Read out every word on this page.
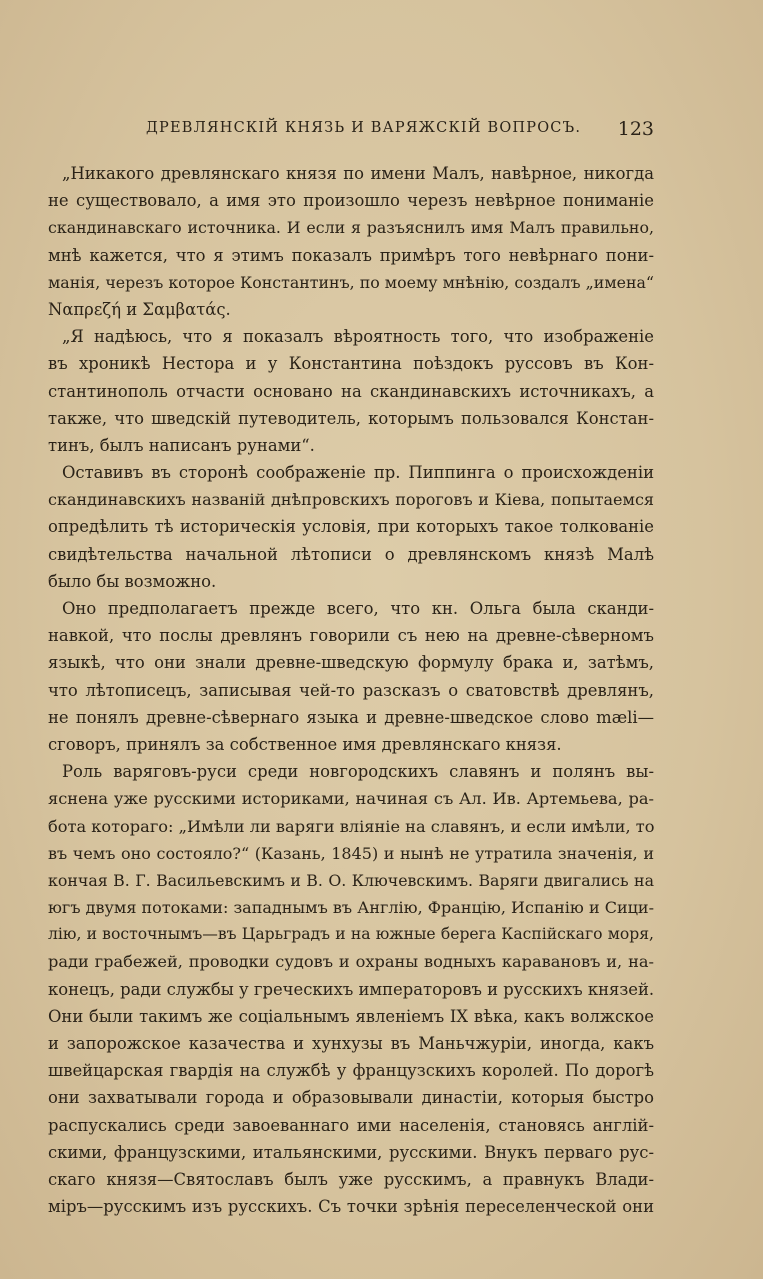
ДРЕВЛЯНСКІЙ КНЯЗЬ И ВАРЯЖСКІЙ ВОПРОСЪ. 123
„Никакого древлянскаго князя по имени Малъ, навѣрное, никогда
не существовало, а имя это произошло черезъ невѣрное пониманіе
скандинавскаго источника. И если я разъяснилъ имя Малъ правильно,
мнѣ кажется, что я этимъ показалъ примѣръ того невѣрнаго пони-
манія, черезъ которое Константинъ, по моему мнѣнію, создалъ „имена“
Ναπρεζή и Σαμβατάς.
„Я надѣюсь, что я показалъ вѣроятность того, что изображеніе
въ хроникѣ Нестора и у Константина поѣздокъ руссовъ въ Кон-
стантинополь отчасти основано на скандинавскихъ источникахъ, а
также, что шведскій путеводитель, которымъ пользовался Констан-
тинъ, былъ написанъ рунами“.
Оставивъ въ сторонѣ соображеніе пр. Пиппинга о происхожденіи
скандинавскихъ названій днѣпровскихъ пороговъ и Кіева, попытаемся
опредѣлить тѣ историческія условія, при которыхъ такое толкованіе
свидѣтельства начальной лѣтописи о древлянскомъ князѣ Малѣ
было бы возможно.
Оно предполагаетъ прежде всего, что кн. Ольга была сканди-
навкой, что послы древлянъ говорили съ нею на древне-сѣверномъ
языкѣ, что они знали древне-шведскую формулу брака и, затѣмъ,
что лѣтописецъ, записывая чей-то разсказъ о сватовствѣ древлянъ,
не понялъ древне-сѣвернаго языка и древне-шведское слово mæli—
сговоръ, принялъ за собственное имя древлянскаго князя.
Роль варяговъ-руси среди новгородскихъ славянъ и полянъ вы-
яснена уже русскими историками, начиная съ Ал. Ив. Артемьева, ра-
бота котораго: „Имѣли ли варяги вліяніе на славянъ, и если имѣли, то
въ чемъ оно состояло?“ (Казань, 1845) и нынѣ не утратила значенія, и
кончая В. Г. Васильевскимъ и В. О. Ключевскимъ. Варяги двигались на
югъ двумя потоками: западнымъ въ Англію, Францію, Испанію и Сици-
лію, и восточнымъ—въ Царьградъ и на южные берега Каспійскаго моря,
ради грабежей, проводки судовъ и охраны водныхъ каравановъ и, на-
конецъ, ради службы у греческихъ императоровъ и русскихъ князей.
Они были такимъ же соціальнымъ явленіемъ IX вѣка, какъ волжское
и запорожское казачества и хунхузы въ Маньчжуріи, иногда, какъ
швейцарская гвардія на службѣ у французскихъ королей. По дорогѣ
они захватывали города и образовывали династіи, которыя быстро
распускались среди завоеваннаго ими населенія, становясь англій-
скими, французскими, итальянскими, русскими. Внукъ перваго рус-
скаго князя—Святославъ былъ уже русскимъ, а правнукъ Влади-
міръ—русскимъ изъ русскихъ. Съ точки зрѣнія переселенческой они
